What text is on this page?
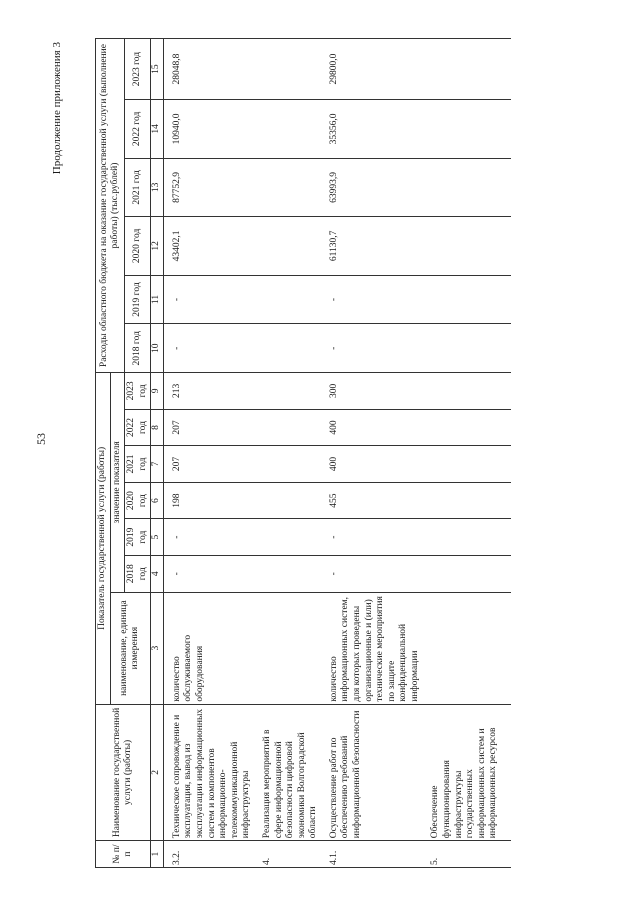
53
Продолжение приложения 3
№ п/п	Наименование государственной услуги (работы)	Показатель государственной услуги (работы)							Расходы областного бюджета на оказание государственной услуги (выполнение работы) (тыс.рублей)					
		наименование, единица измерения	значение показателя											
			2018 год	2019 год	2020 год	2021 год	2022 год	2023 год	2018 год	2019 год	2020 год	2021 год	2022 год	2023 год
1	2	3	4	5	6	7	8	9	10	11	12	13	14	15
3.2.	Техническое сопровождение и эксплуатация, вывод из эксплуатации информационных систем и компонентов информационно-телекоммуникационной инфраструктуры	количество обслуживаемого оборудования	-	-	198	207	207	213	-	-	43402,1	87752,9	10940,0	28048,8
4.	Реализация мероприятий в сфере информационной безопасности цифровой экономики Волгоградской области													
4.1.	Осуществление работ по обеспечению требований информационной безопасности	количество информационных систем, для которых проведены организационные и (или) технические мероприятия по защите конфиденциальной информации	-	-	455	400	400	300	-	-	61130,7	63993,9	35356,0	29800,0
5.	Обеспечение функционирования инфраструктуры государственных информационных систем и информационных ресурсов													
